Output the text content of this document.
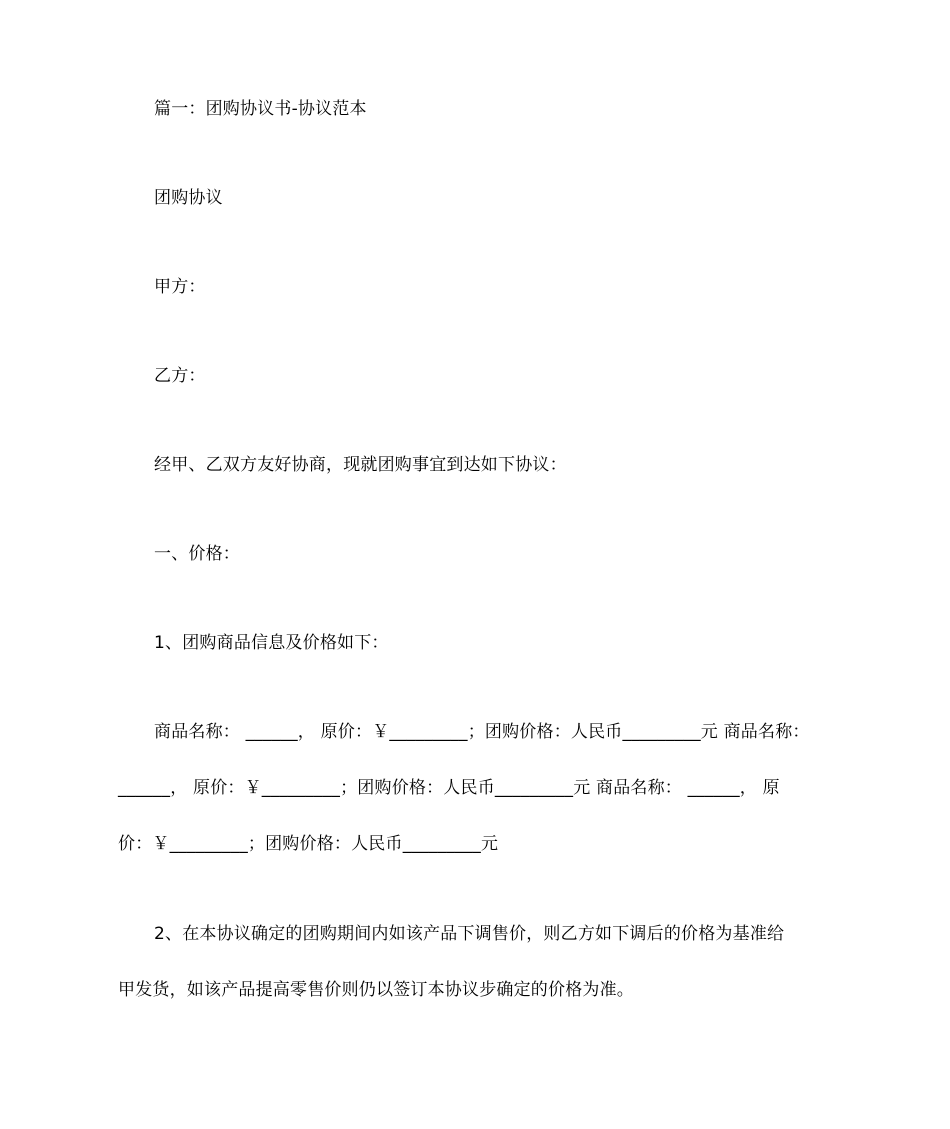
篇一：团购协议书-协议范本
团购协议
甲方：
乙方：
经甲、乙双方友好协商，现就团购事宜到达如下协议：
一、价格：
1、团购商品信息及价格如下：
商品名称： ______， 原价：￥_________；团购价格：人民币_________元 商品名称：
______， 原价：￥_________；团购价格：人民币_________元 商品名称： ______， 原
价：￥_________；团购价格：人民币_________元
2、在本协议确定的团购期间内如该产品下调售价，则乙方如下调后的价格为基准给
甲发货，如该产品提高零售价则仍以签订本协议步确定的价格为准。
